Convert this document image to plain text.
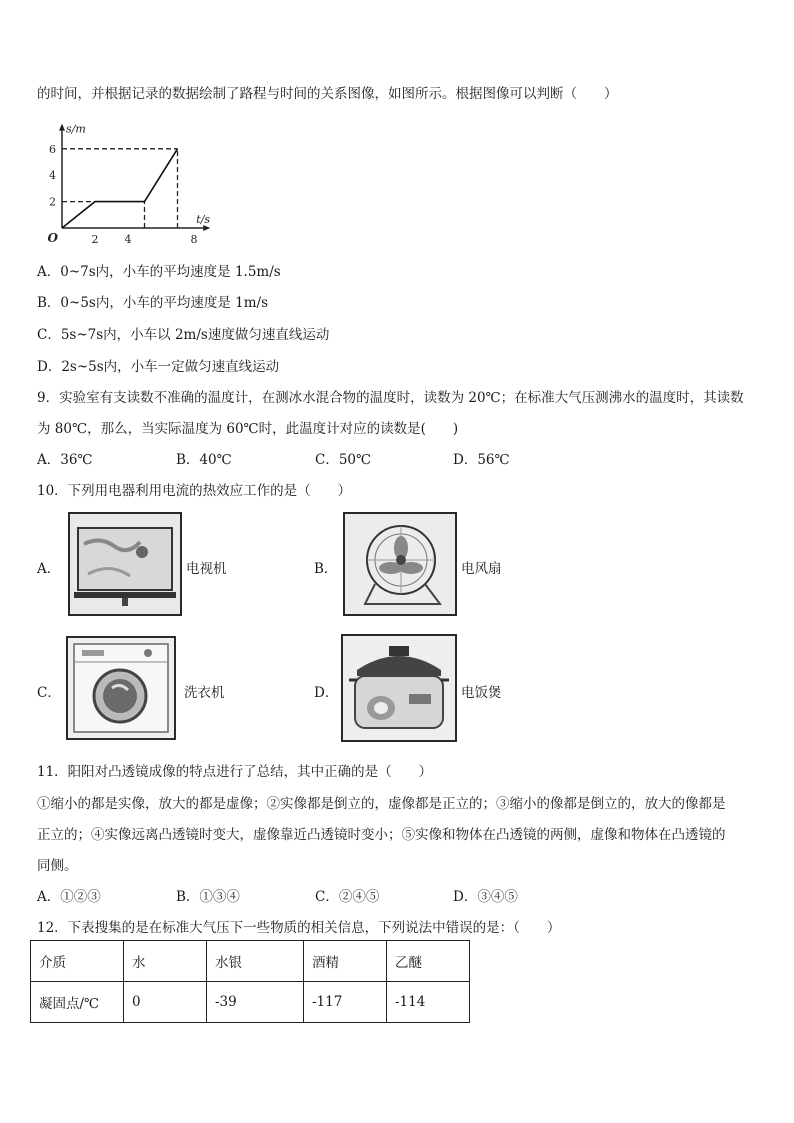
的时间，并根据记录的数据绘制了路程与时间的关系图像，如图所示。根据图像可以判断（　　）
2 4	8
2
4
6
O
s/m
t/s
A．0~7s内，小车的平均速度是 1.5m/s
B．0~5s内，小车的平均速度是 1m/s
C．5s~7s内，小车以 2m/s速度做匀速直线运动
D．2s~5s内，小车一定做匀速直线运动
9．实验室有支读数不准确的温度计，在测冰水混合物的温度时，读数为 20℃；在标准大气压测沸水的温度时，其读数
为 80℃，那么，当实际温度为 60℃时，此温度计对应的读数是(　　)
A．36℃	B．40℃	C．50℃	D．56℃
10．下列用电器利用电流的热效应工作的是（　　）
A．	电视机	B．	电风扇
C．	洗衣机	D．	电饭煲
11．阳阳对凸透镜成像的特点进行了总结，其中正确的是（　　）
①缩小的都是实像，放大的都是虚像；②实像都是倒立的，虚像都是正立的；③缩小的像都是倒立的，放大的像都是
正立的；④实像远离凸透镜时变大，虚像靠近凸透镜时变小；⑤实像和物体在凸透镜的两侧，虚像和物体在凸透镜的
同侧。
A．①②③	B．①③④	C．②④⑤	D．③④⑤
12．下表搜集的是在标准大气压下一些物质的相关信息，下列说法中错误的是：（　　）
介质	水	水银	酒精	乙醚
凝固点/℃	0	-39	-117	-114
